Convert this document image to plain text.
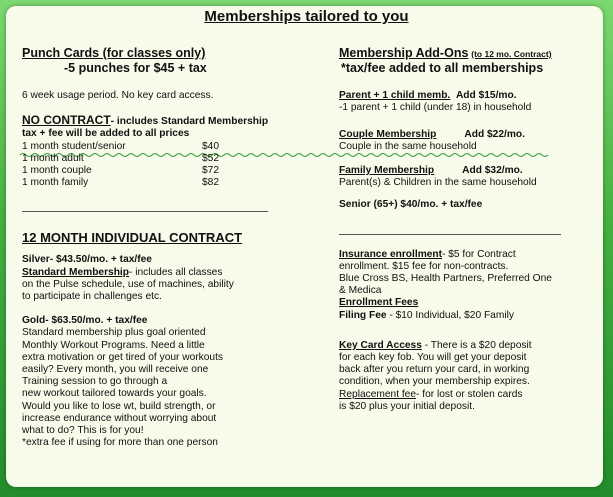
Memberships tailored to you

Punch Cards (for classes only)

-5 punches for $45 + tax

6 week usage period. No key card access.

NO CONTRACT- includes Standard Membership

tax + fee will be added to all prices

1 month student/senior	$40
1 month adult	$52
1 month couple	$72
1 month family	$82

12 MONTH INDIVIDUAL CONTRACT

Silver- $43.50/mo. + tax/fee

Standard Membership- includes all classes

on the Pulse schedule, use of machines, ability

to participate in challenges etc.

Gold- $63.50/mo. + tax/fee

Standard membership plus goal oriented

Monthly Workout Programs. Need a little

extra motivation or get tired of your workouts

easily? Every month, you will receive one

Training session to go through a

new workout tailored towards your goals.

Would you like to lose wt, build strength, or

increase endurance without worrying about

what to do? This is for you!

*extra fee if using for more than one person

Membership Add-Ons (to 12 mo. Contract)

*tax/fee added to all memberships

Parent + 1 child memb. Add $15/mo.

-1 parent + 1 child (under 18) in household

Couple Membership	Add $22/mo.

Couple in the same household

Family Membership	Add $32/mo.

Parent(s) & Children in the same household

Senior (65+) $40/mo. + tax/fee

Insurance enrollment- $5 for Contract

enrollment. $15 fee for non-contracts.

Blue Cross BS, Health Partners, Preferred One

& Medica

Enrollment Fees

Filing Fee - $10 Individual, $20 Family

Key Card Access - There is a $20 deposit

for each key fob. You will get your deposit

back after you return your card, in working

condition, when your membership expires.

Replacement fee- for lost or stolen cards

is $20 plus your initial deposit.
